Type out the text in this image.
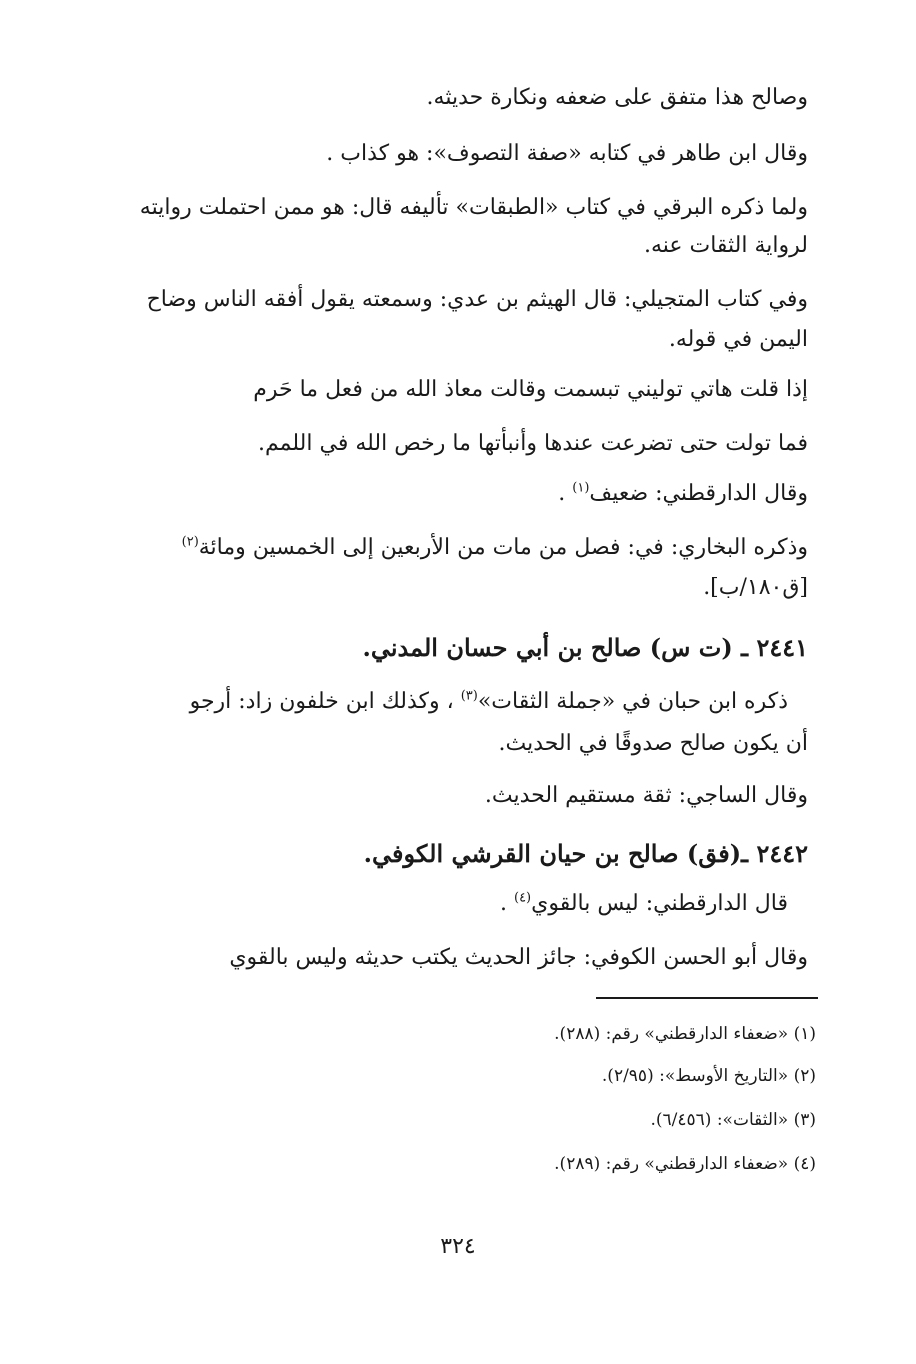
وصالح هذا متفق على ضعفه ونكارة حديثه.
وقال ابن طاهر في كتابه «صفة التصوف»: هو كذاب .
ولما ذكره البرقي في كتاب «الطبقات» تأليفه قال: هو ممن احتملت روايته
لرواية الثقات عنه.
وفي كتاب المتجيلي: قال الهيثم بن عدي: وسمعته يقول أفقه الناس وضاح
اليمن في قوله.
إذا قلت هاتي توليني تبسمت وقالت معاذ الله من فعل ما حَرم
فما تولت حتى تضرعت عندها وأنبأتها ما رخص الله في اللمم.
وقال الدارقطني: ضعيف$^{(١)}$ .
وذكره البخاري: في: فصل من مات من الأربعين إلى الخمسين ومائة$^{(٢)}$
[ق١٨٠/ب].
٢٤٤١ ـ (ت س) صالح بن أبي حسان المدني.
ذكره ابن حبان في «جملة الثقات»$^{(٣)}$ ، وكذلك ابن خلفون زاد: أرجو
أن يكون صالح صدوقًا في الحديث.
وقال الساجي: ثقة مستقيم الحديث.
٢٤٤٢ ـ(فق) صالح بن حيان القرشي الكوفي.
قال الدارقطني: ليس بالقوي$^{(٤)}$ .
وقال أبو الحسن الكوفي: جائز الحديث يكتب حديثه وليس بالقوي
(١) «ضعفاء الدارقطني» رقم: (٢٨٨).
(٢) «التاريخ الأوسط»: (٢/٩٥).
(٣) «الثقات»: (٦/٤٥٦).
(٤) «ضعفاء الدارقطني» رقم: (٢٨٩).
٣٢٤
